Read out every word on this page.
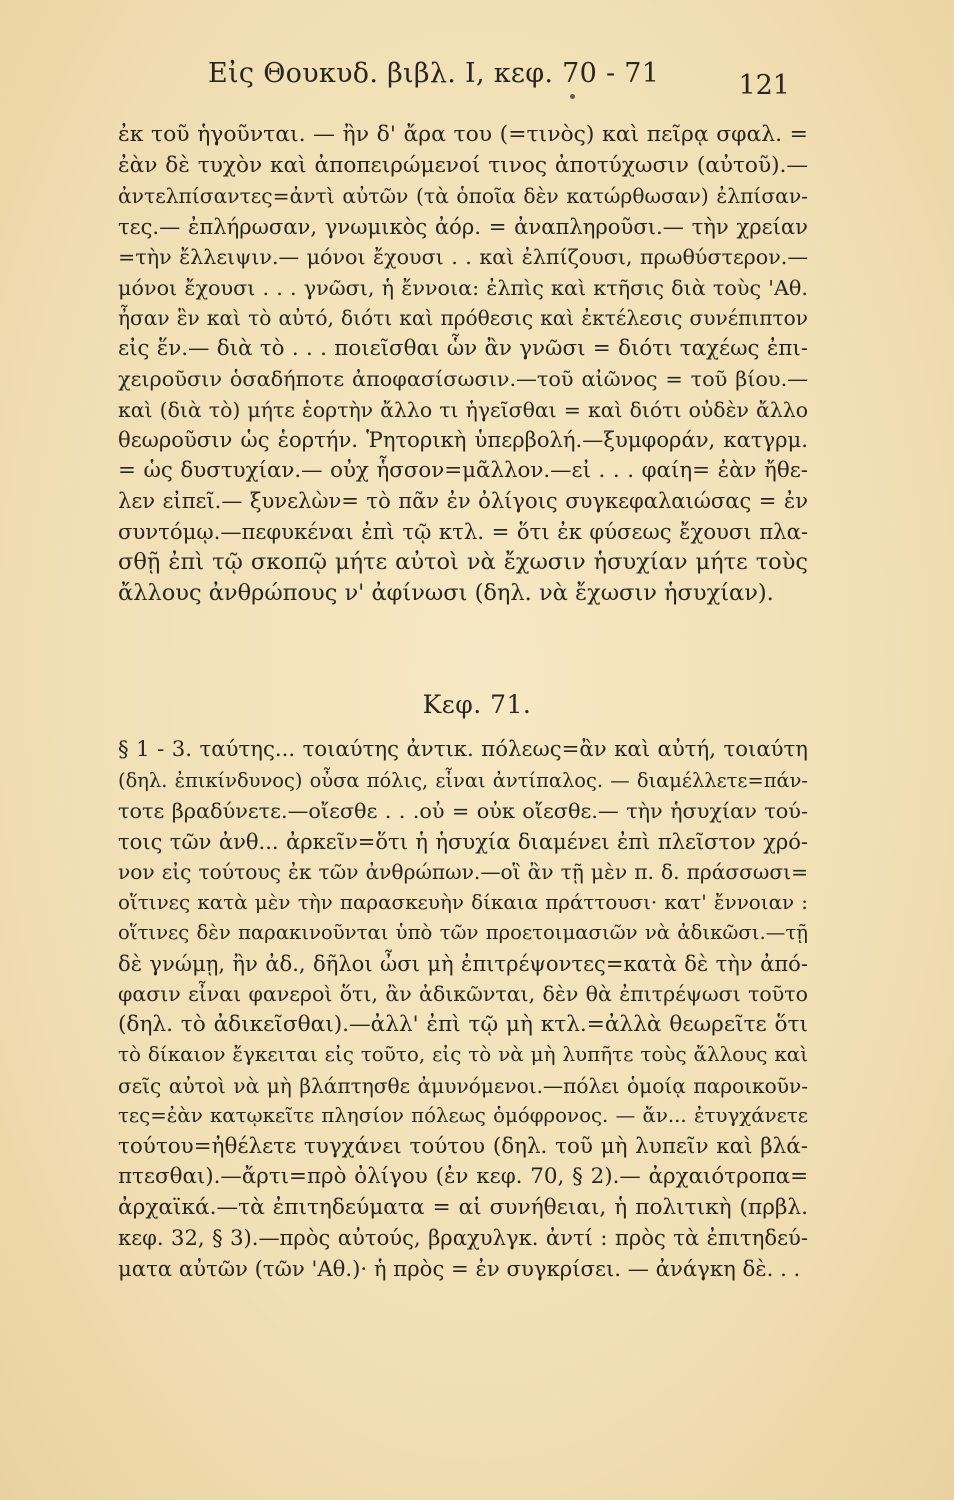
Εἰς Θουκυδ. βιβλ. Ι, κεφ. 70 - 71	121
ἐκ τοῦ ἡγοῦνται. — ἢν δ' ἄρα του (=τινὸς) καὶ πεῖρᾳ σφαλ. =
ἐὰν δὲ τυχὸν καὶ ἀποπειρώμενοί τινος ἀποτύχωσιν (αὐτοῦ).—
ἀντελπίσαντες=ἀντὶ αὐτῶν (τὰ ὁποῖα δὲν κατώρθωσαν) ἐλπίσαν-
τες.— ἐπλήρωσαν, γνωμικὸς ἀόρ. = ἀναπληροῦσι.— τὴν χρείαν
=τὴν ἔλλειψιν.— μόνοι ἔχουσι . . καὶ ἐλπίζουσι, πρωθύστερον.—
μόνοι ἔχουσι . . . γνῶσι, ἡ ἔννοια: ἐλπὶς καὶ κτῆσις διὰ τοὺς 'Αθ.
ἦσαν ἓν καὶ τὸ αὐτό, διότι καὶ πρόθεσις καὶ ἐκτέλεσις συνέπιπτον
εἰς ἕν.— διὰ τὸ . . . ποιεῖσθαι ὧν ἂν γνῶσι = διότι ταχέως ἐπι-
χειροῦσιν ὁσαδήποτε ἀποφασίσωσιν.—τοῦ αἰῶνος = τοῦ βίου.—
καὶ (διὰ τὸ) μήτε ἑορτὴν ἄλλο τι ἡγεῖσθαι = καὶ διότι οὐδὲν ἄλλο
θεωροῦσιν ὡς ἑορτήν. Ῥητορικὴ ὑπερβολή.—ξυμφοράν, κατγρμ.
= ὡς δυστυχίαν.— οὐχ ἧσσον=μᾶλλον.—εἰ . . . φαίη= ἐὰν ἤθε-
λεν εἰπεῖ.— ξυνελὼν= τὸ πᾶν ἐν ὀλίγοις συγκεφαλαιώσας = ἐν
συντόμῳ.—πεφυκέναι ἐπὶ τῷ κτλ. = ὅτι ἐκ φύσεως ἔχουσι πλα-
σθῇ ἐπὶ τῷ σκοπῷ μήτε αὐτοὶ νὰ ἔχωσιν ἡσυχίαν μήτε τοὺς
ἄλλους ἀνθρώπους ν' ἀφίνωσι (δηλ. νὰ ἔχωσιν ἡσυχίαν).
Κεφ. 71.
§ 1 - 3. ταύτης... τοιαύτης ἀντικ. πόλεως=ἂν καὶ αὐτή, τοιαύτη
(δηλ. ἐπικίνδυνος) οὖσα πόλις, εἶναι ἀντίπαλος. — διαμέλλετε=πάν-
τοτε βραδύνετε.—οἴεσθε . . .οὐ = οὐκ οἴεσθε.— τὴν ἡσυχίαν τού-
τοις τῶν ἀνθ... ἀρκεῖν=ὅτι ἡ ἡσυχία διαμένει ἐπὶ πλεῖστον χρό-
νον εἰς τούτους ἐκ τῶν ἀνθρώπων.—οἳ ἂν τῇ μὲν π. δ. πράσσωσι=
οἵτινες κατὰ μὲν τὴν παρασκευὴν δίκαια πράττουσι· κατ' ἔννοιαν :
οἵτινες δὲν παρακινοῦνται ὑπὸ τῶν προετοιμασιῶν νὰ ἀδικῶσι.—τῇ
δὲ γνώμῃ, ἢν ἀδ., δῆλοι ὦσι μὴ ἐπιτρέψοντες=κατὰ δὲ τὴν ἀπό-
φασιν εἶναι φανεροὶ ὅτι, ἂν ἀδικῶνται, δὲν θὰ ἐπιτρέψωσι τοῦτο
(δηλ. τὸ ἀδικεῖσθαι).—ἀλλ' ἐπὶ τῷ μὴ κτλ.=ἀλλὰ θεωρεῖτε ὅτι
τὸ δίκαιον ἔγκειται εἰς τοῦτο, εἰς τὸ νὰ μὴ λυπῆτε τοὺς ἄλλους καὶ
σεῖς αὐτοὶ νὰ μὴ βλάπτησθε ἀμυνόμενοι.—πόλει ὁμοίᾳ παροικοῦν-
τες=ἐὰν κατῳκεῖτε πλησίον πόλεως ὁμόφρονος. — ἄν... ἐτυγχάνετε
τούτου=ἠθέλετε τυγχάνει τούτου (δηλ. τοῦ μὴ λυπεῖν καὶ βλά-
πτεσθαι).—ἄρτι=πρὸ ὀλίγου (ἐν κεφ. 70, § 2).— ἀρχαιότροπα=
ἀρχαϊκά.—τὰ ἐπιτηδεύματα = αἱ συνήθειαι, ἡ πολιτικὴ (πρβλ.
κεφ. 32, § 3).—πρὸς αὐτούς, βραχυλγκ. ἀντί : πρὸς τὰ ἐπιτηδεύ-
ματα αὐτῶν (τῶν 'Αθ.)· ἡ πρὸς = ἐν συγκρίσει. — ἀνάγκη δὲ. . .
